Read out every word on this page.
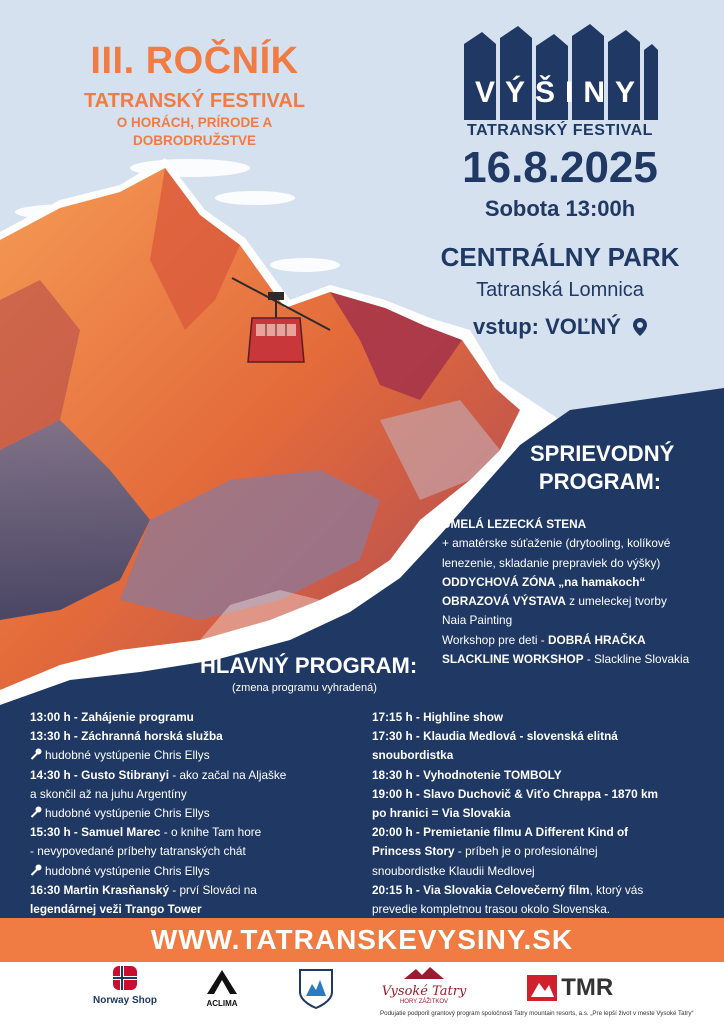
III. ROČNÍK
TATRANSKÝ FESTIVAL
O HORÁCH, PRÍRODE A DOBRODRUŽSTVE
VÝŠINY
TATRANSKÝ FESTIVAL
16.8.2025
Sobota 13:00h
CENTRÁLNY PARK
Tatranská Lomnica
vstup: VOĽNÝ
SPRIEVODNÝ
PROGRAM:
UMELÁ LEZECKÁ STENA
+ amatérske súťaženie (drytooling, kolíkové
lenezenie, skladanie prepraviek do výšky)
ODDYCHOVÁ ZÓNA „na hamakoch“
OBRAZOVÁ VÝSTAVA z umeleckej tvorby
Naia Painting
Workshop pre deti - DOBRÁ HRAČKA
SLACKLINE WORKSHOP - Slackline Slovakia
HLAVNÝ PROGRAM:
(zmena programu vyhradená)
13:00 h - Zahájenie programu
13:30 h - Záchranná horská služba
hudobné vystúpenie Chris Ellys
14:30 h - Gusto Stibranyi - ako začal na Aljaške
a skončil až na juhu Argentíny
hudobné vystúpenie Chris Ellys
15:30 h - Samuel Marec - o knihe Tam hore
- nevypovedané príbehy tatranských chát
hudobné vystúpenie Chris Ellys
16:30 Martin Krasňanský - prví Slováci na
legendárnej veži Trango Tower
17:15 h - Highline show
17:30 h - Klaudia Medlová - slovenská elitná
snoubordistka
18:30 h - Vyhodnotenie TOMBOLY
19:00 h - Slavo Duchovič & Viťo Chrappa - 1870 km
po hranici = Via Slovakia
20:00 h - Premietanie filmu A Different Kind of
Princess Story - príbeh je o profesionálnej
snoubordistke Klaudii Medlovej
20:15 h - Via Slovakia Celovečerný film, ktorý vás
prevedie kompletnou trasou okolo Slovenska.
WWW.TATRANSKEVYSINY.SK
Norway Shop	ACLIMA
Vysoké Tatry
HORY ZÁŽITKOV
TMR
Podujatie podporil grantový program spoločnosti Tatry mountain resorts, a.s. „Pre lepší život v meste Vysoké Tatry“
